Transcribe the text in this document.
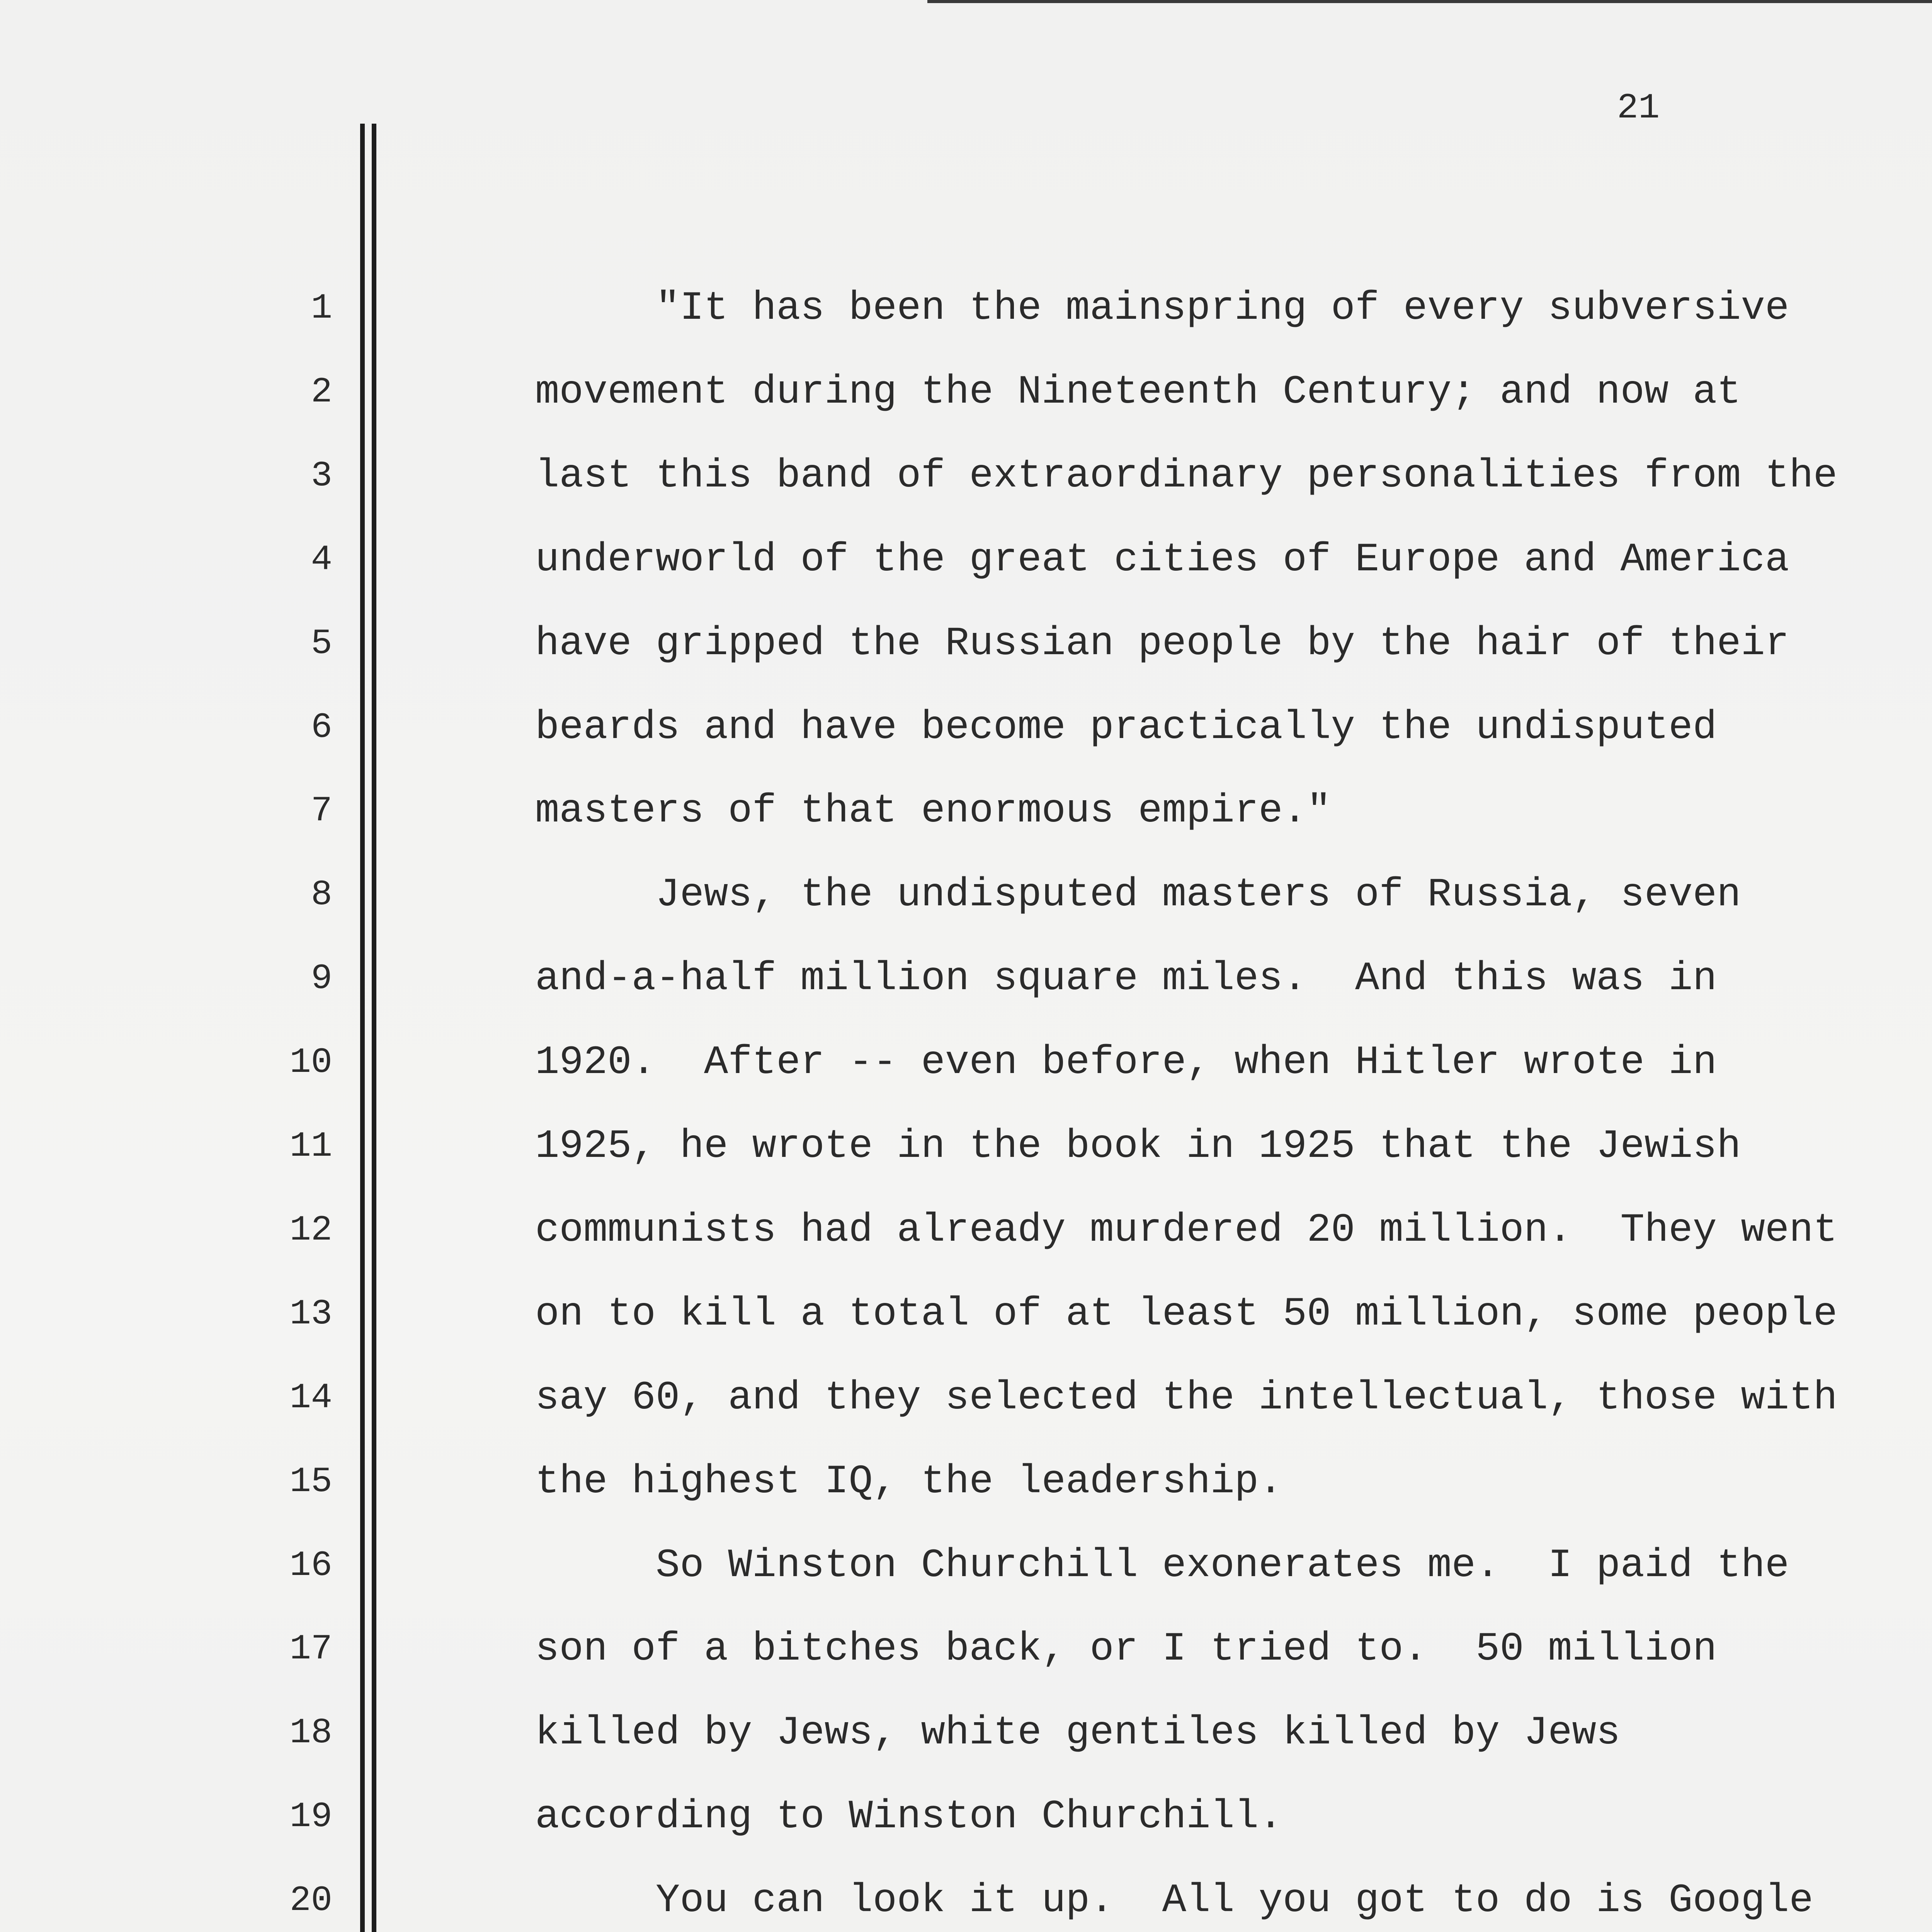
21
1
2
3
4
5
6
7
8
9
10
11
12
13
14
15
16
17
18
19
20
"It has been the mainspring of every subversive
movement during the Nineteenth Century; and now at
last this band of extraordinary personalities from the
underworld of the great cities of Europe and America
have gripped the Russian people by the hair of their
beards and have become practically the undisputed
masters of that enormous empire."
Jews, the undisputed masters of Russia, seven
and-a-half million square miles.  And this was in
1920.  After -- even before, when Hitler wrote in
1925, he wrote in the book in 1925 that the Jewish
communists had already murdered 20 million.  They went
on to kill a total of at least 50 million, some people
say 60, and they selected the intellectual, those with
the highest IQ, the leadership.
So Winston Churchill exonerates me.  I paid the
son of a bitches back, or I tried to.  50 million
killed by Jews, white gentiles killed by Jews
according to Winston Churchill.
You can look it up.  All you got to do is Google
